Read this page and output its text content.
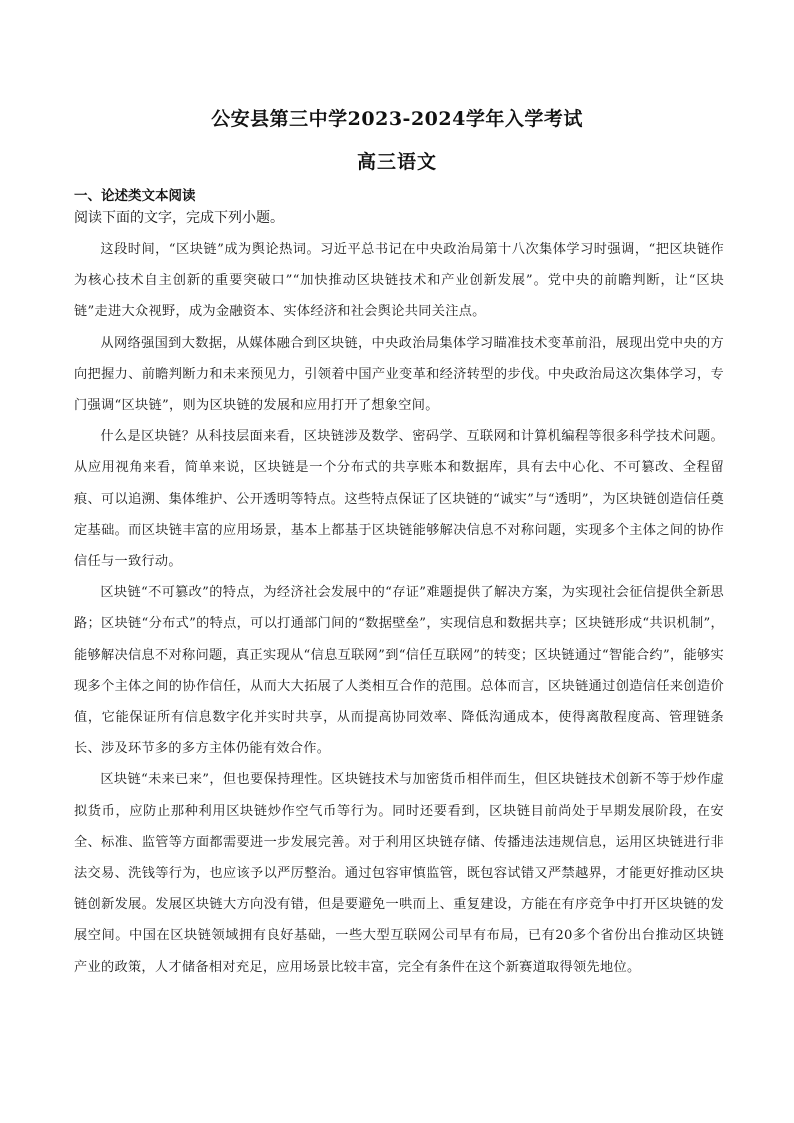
公安县第三中学2023-2024学年入学考试
高三语文
一、论述类文本阅读
阅读下面的文字，完成下列小题。

这段时间，“区块链”成为舆论热词。习近平总书记在中央政治局第十八次集体学习时强调，“把区块链作为核心技术自主创新的重要突破口”“加快推动区块链技术和产业创新发展”。党中央的前瞻判断，让“区块链”走进大众视野，成为金融资本、实体经济和社会舆论共同关注点。

从网络强国到大数据，从媒体融合到区块链，中央政治局集体学习瞄准技术变革前沿，展现出党中央的方向把握力、前瞻判断力和未来预见力，引领着中国产业变革和经济转型的步伐。中央政治局这次集体学习，专门强调“区块链”，则为区块链的发展和应用打开了想象空间。

什么是区块链？从科技层面来看，区块链涉及数学、密码学、互联网和计算机编程等很多科学技术问题。从应用视角来看，简单来说，区块链是一个分布式的共享账本和数据库，具有去中心化、不可篡改、全程留痕、可以追溯、集体维护、公开透明等特点。这些特点保证了区块链的“诚实”与“透明”，为区块链创造信任奠定基础。而区块链丰富的应用场景，基本上都基于区块链能够解决信息不对称问题，实现多个主体之间的协作信任与一致行动。

区块链“不可篡改”的特点，为经济社会发展中的“存证”难题提供了解决方案，为实现社会征信提供全新思路；区块链“分布式”的特点，可以打通部门间的“数据壁垒”，实现信息和数据共享；区块链形成“共识机制”，能够解决信息不对称问题，真正实现从“信息互联网”到“信任互联网”的转变；区块链通过“智能合约”，能够实现多个主体之间的协作信任，从而大大拓展了人类相互合作的范围。总体而言，区块链通过创造信任来创造价值，它能保证所有信息数字化并实时共享，从而提高协同效率、降低沟通成本，使得离散程度高、管理链条长、涉及环节多的多方主体仍能有效合作。

区块链“未来已来”，但也要保持理性。区块链技术与加密货币相伴而生，但区块链技术创新不等于炒作虚拟货币，应防止那种利用区块链炒作空气币等行为。同时还要看到，区块链目前尚处于早期发展阶段，在安全、标准、监管等方面都需要进一步发展完善。对于利用区块链存储、传播违法违规信息，运用区块链进行非法交易、洗钱等行为，也应该予以严厉整治。通过包容审慎监管，既包容试错又严禁越界，才能更好推动区块链创新发展。发展区块链大方向没有错，但是要避免一哄而上、重复建设，方能在有序竞争中打开区块链的发展空间。中国在区块链领域拥有良好基础，一些大型互联网公司早有布局，已有20多个省份出台推动区块链产业的政策，人才储备相对充足，应用场景比较丰富，完全有条件在这个新赛道取得领先地位。
